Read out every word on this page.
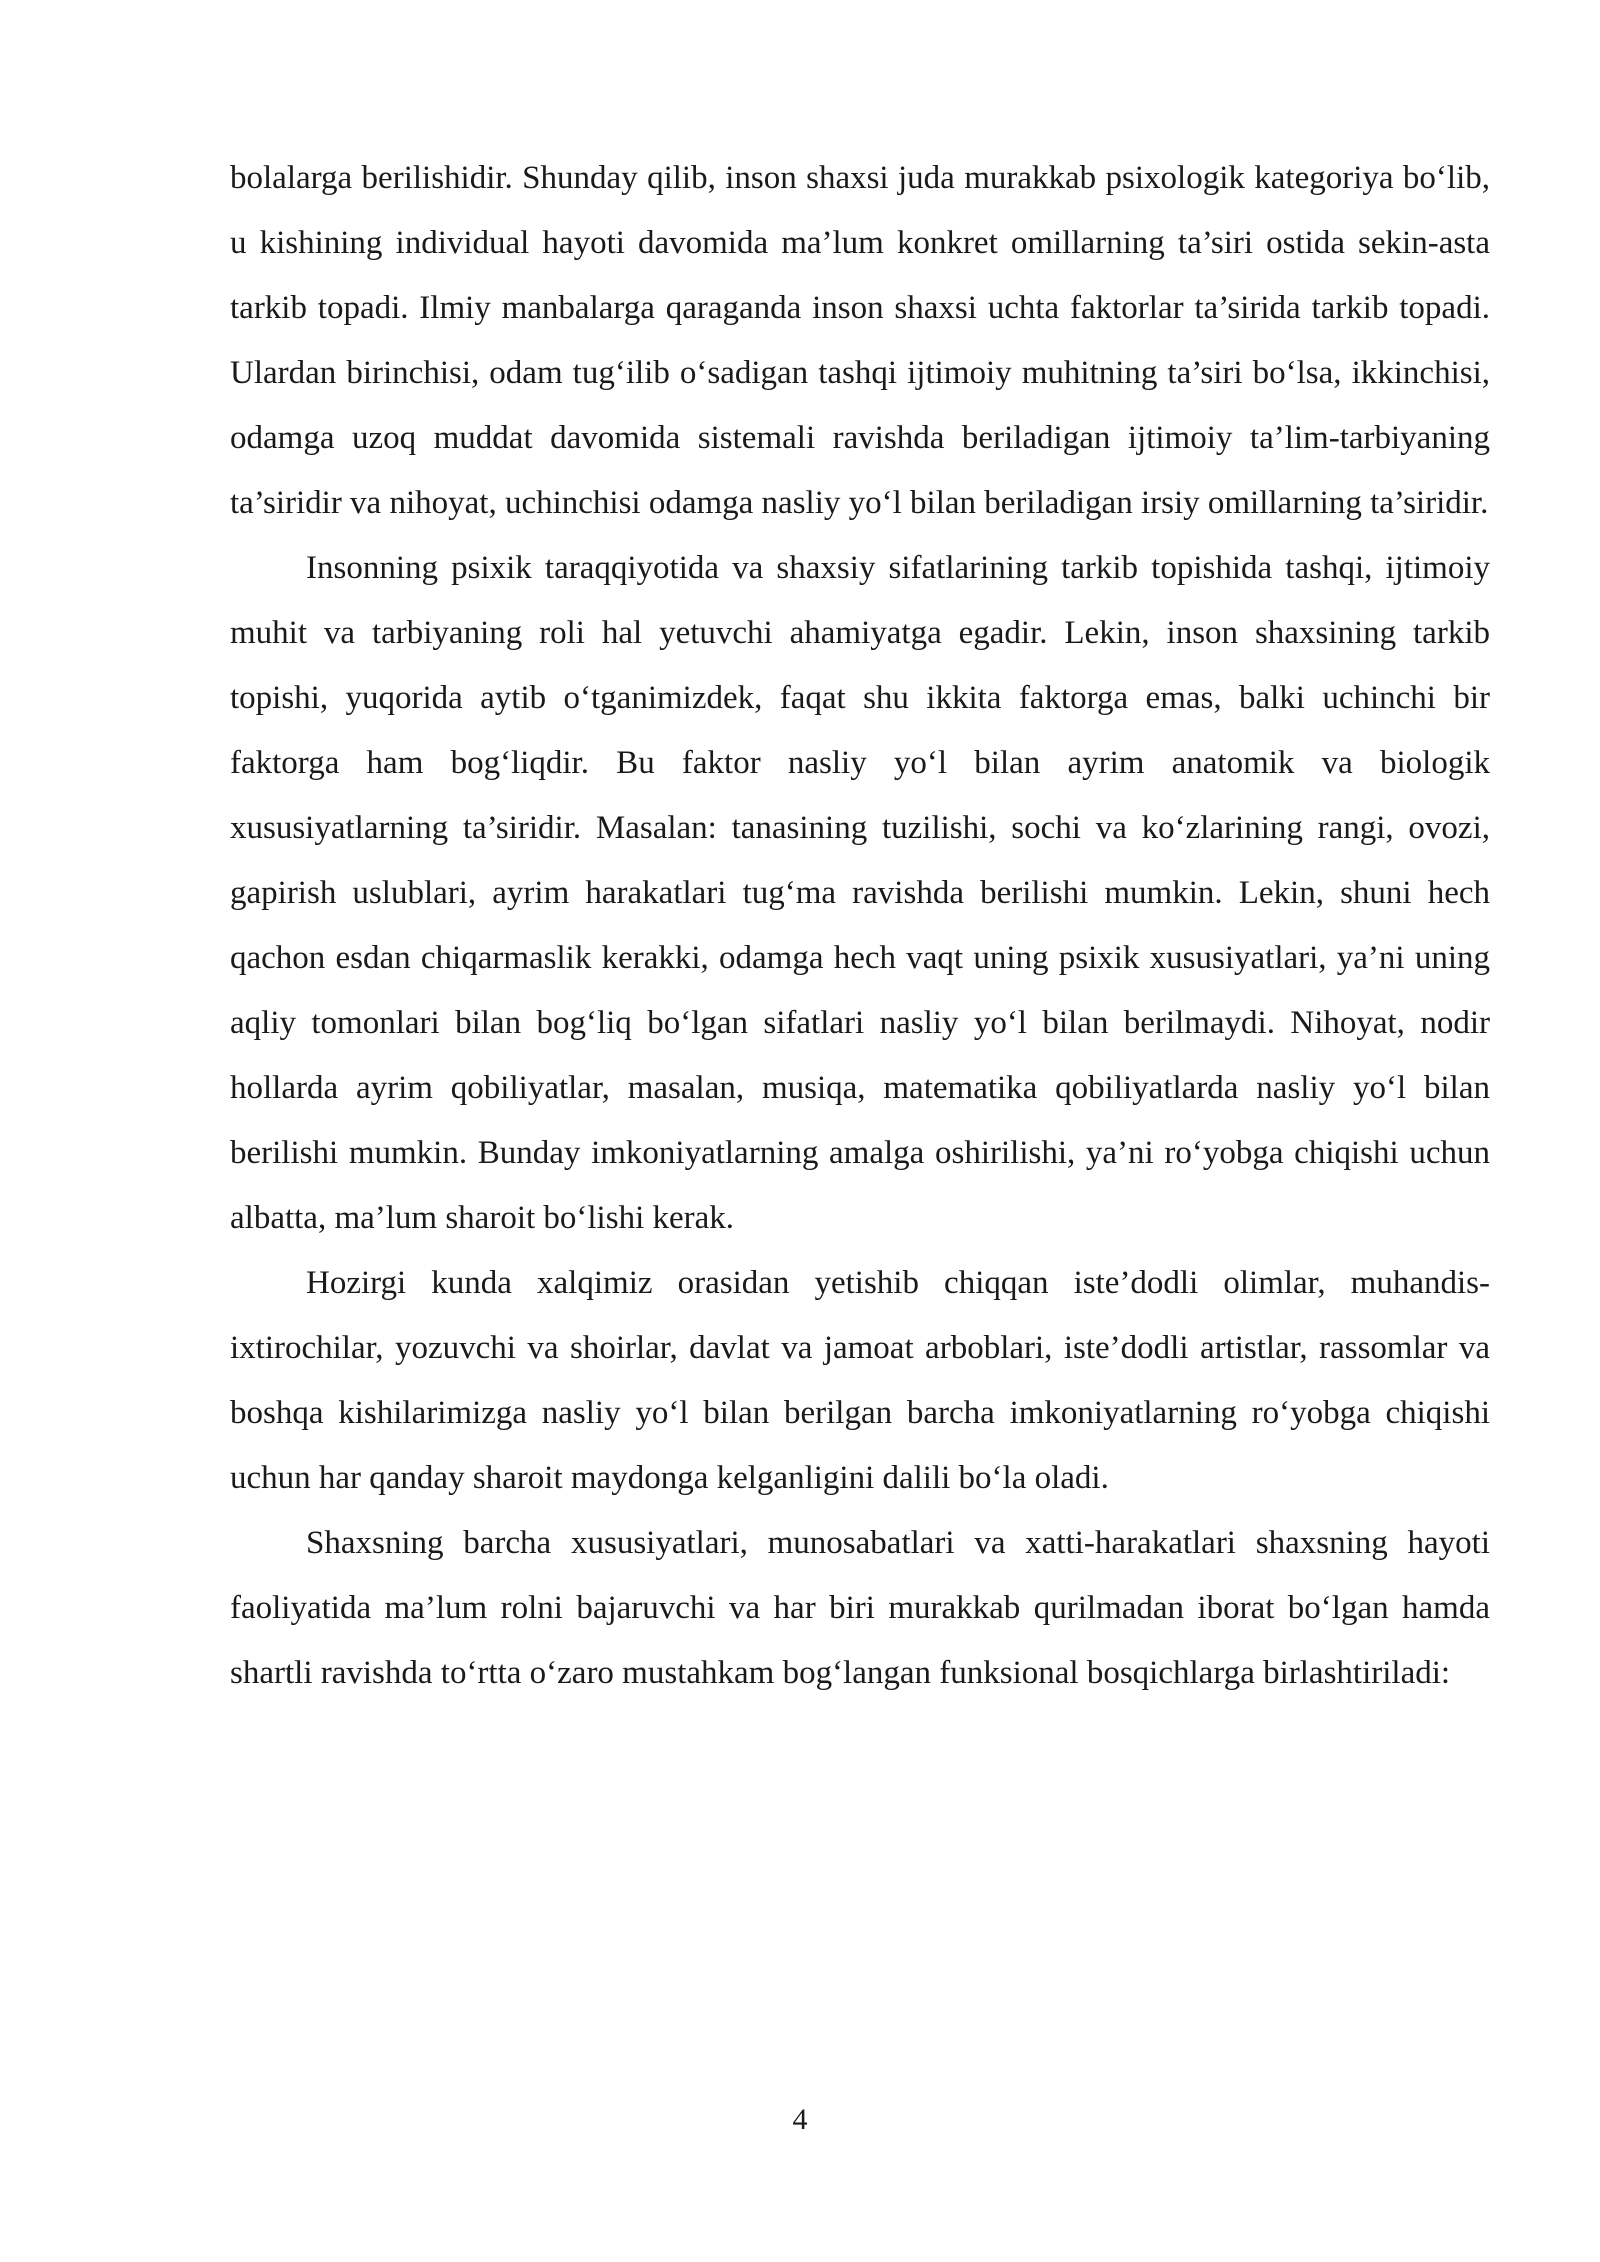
bolalarga berilishidir. Shunday qilib, inson shaxsi juda murakkab psixologik kategoriya bo‘lib, u kishining individual hayoti davomida ma’lum konkret omillarning ta’siri ostida sekin-asta tarkib topadi. Ilmiy manbalarga qaraganda inson shaxsi uchta faktorlar ta’sirida tarkib topadi. Ulardan birinchisi, odam tug‘ilib o‘sadigan tashqi ijtimoiy muhitning ta’siri bo‘lsa, ikkinchisi, odamga uzoq muddat davomida sistemali ravishda beriladigan ijtimoiy ta’lim-tarbiyaning ta’siridir va nihoyat, uchinchisi odamga nasliy yo‘l bilan beriladigan irsiy omillarning ta’siridir.

Insonning psixik taraqqiyotida va shaxsiy sifatlarining tarkib topishida tashqi, ijtimoiy muhit va tarbiyaning roli hal yetuvchi ahamiyatga egadir. Lekin, inson shaxsining tarkib topishi, yuqorida aytib o‘tganimizdek, faqat shu ikkita faktorga emas, balki uchinchi bir faktorga ham bog‘liqdir. Bu faktor nasliy yo‘l bilan ayrim anatomik va biologik xususiyatlarning ta’siridir. Masalan: tanasining tuzilishi, sochi va ko‘zlarining rangi, ovozi, gapirish uslublari, ayrim harakatlari tug‘ma ravishda berilishi mumkin. Lekin, shuni hech qachon esdan chiqarmaslik kerakki, odamga hech vaqt uning psixik xususiyatlari, ya’ni uning aqliy tomonlari bilan bog‘liq bo‘lgan sifatlari nasliy yo‘l bilan berilmaydi. Nihoyat, nodir hollarda ayrim qobiliyatlar, masalan, musiqa, matematika qobiliyatlarda nasliy yo‘l bilan berilishi mumkin. Bunday imkoniyatlarning amalga oshirilishi, ya’ni ro‘yobga chiqishi uchun albatta, ma’lum sharoit bo‘lishi kerak.

Hozirgi kunda xalqimiz orasidan yetishib chiqqan iste’dodli olimlar, muhandis-ixtirochilar, yozuvchi va shoirlar, davlat va jamoat arboblari, iste’dodli artistlar, rassomlar va boshqa kishilarimizga nasliy yo‘l bilan berilgan barcha imkoniyatlarning ro‘yobga chiqishi uchun har qanday sharoit maydonga kelganligini dalili bo‘la oladi.

Shaxsning barcha xususiyatlari, munosabatlari va xatti-harakatlari shaxsning hayoti faoliyatida ma’lum rolni bajaruvchi va har biri murakkab qurilmadan iborat bo‘lgan hamda shartli ravishda to‘rtta o‘zaro mustahkam bog‘langan funksional bosqichlarga birlashtiriladi:

4
